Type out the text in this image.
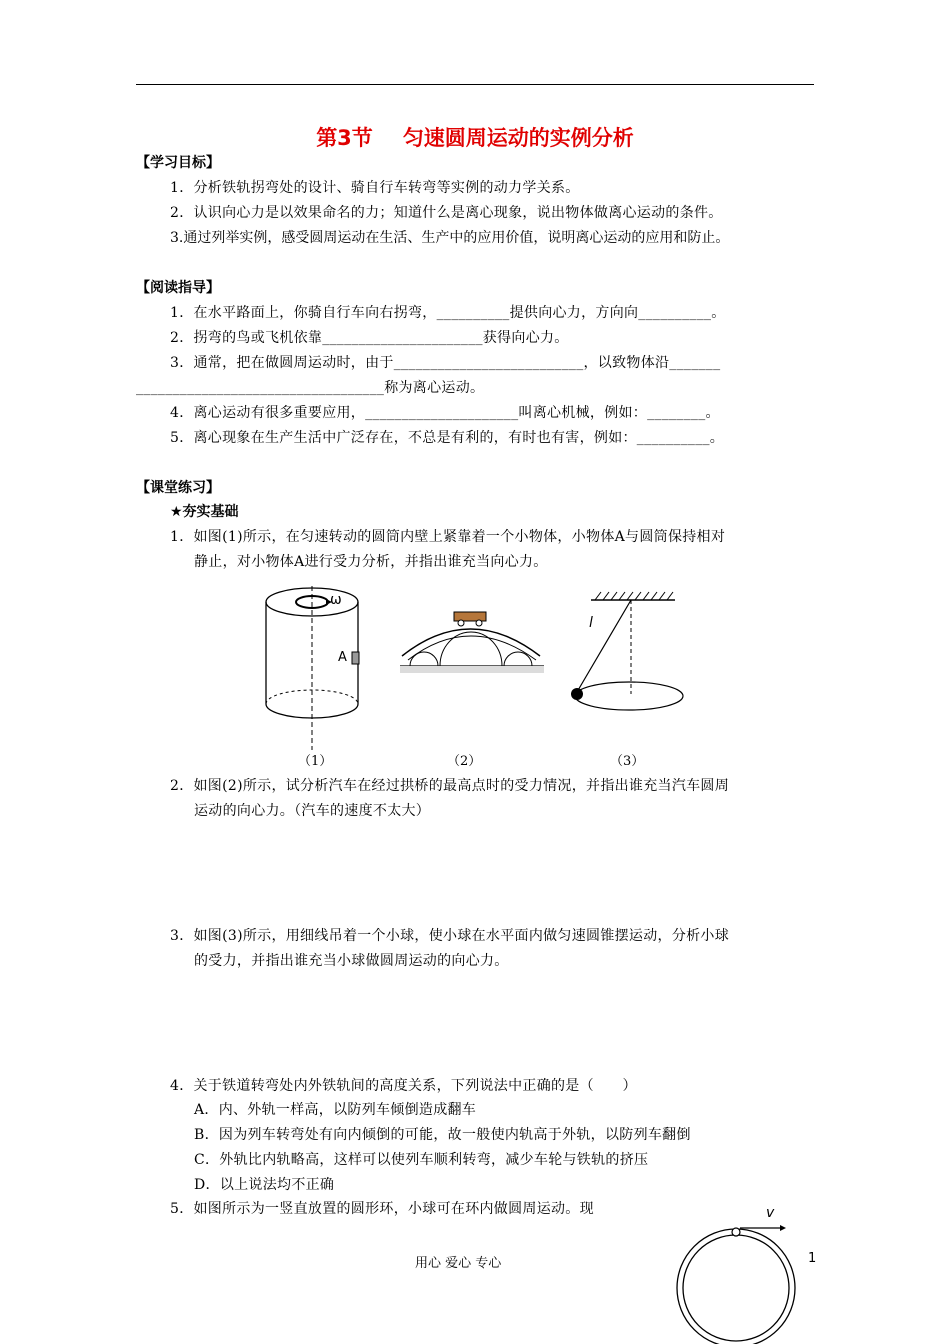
第3节 匀速圆周运动的实例分析
【学习目标】
1．分析铁轨拐弯处的设计、骑自行车转弯等实例的动力学关系。
2．认识向心力是以效果命名的力；知道什么是离心现象，说出物体做离心运动的条件。
3.通过列举实例，感受圆周运动在生活、生产中的应用价值，说明离心运动的应用和防止。
【阅读指导】
1．在水平路面上，你骑自行车向右拐弯，__________提供向心力，方向向__________。
2．拐弯的鸟或飞机依靠______________________获得向心力。
3．通常，把在做圆周运动时，由于__________________________，以致物体沿_______
__________________________________称为离心运动。
4．离心运动有很多重要应用，_____________________叫离心机械，例如：________。
5．离心现象在生产生活中广泛存在，不总是有利的，有时也有害，例如：__________。
【课堂练习】
★夯实基础
1．如图(1)所示，在匀速转动的圆筒内壁上紧靠着一个小物体，小物体A与圆筒保持相对
静止，对小物体A进行受力分析，并指出谁充当向心力。
ω
A
l
（1）	（2）	（3）
2．如图(2)所示，试分析汽车在经过拱桥的最高点时的受力情况，并指出谁充当汽车圆周
运动的向心力。（汽车的速度不太大）
3．如图(3)所示，用细线吊着一个小球，使小球在水平面内做匀速圆锥摆运动，分析小球
的受力，并指出谁充当小球做圆周运动的向心力。
4．关于铁道转弯处内外铁轨间的高度关系，下列说法中正确的是（　　）
A．内、外轨一样高，以防列车倾倒造成翻车
B．因为列车转弯处有向内倾倒的可能，故一般使内轨高于外轨，以防列车翻倒
C．外轨比内轨略高，这样可以使列车顺利转弯，减少车轮与铁轨的挤压
D．以上说法均不正确
5．如图所示为一竖直放置的圆形环，小球可在环内做圆周运动。现	v
用心 爱心 专心	1
